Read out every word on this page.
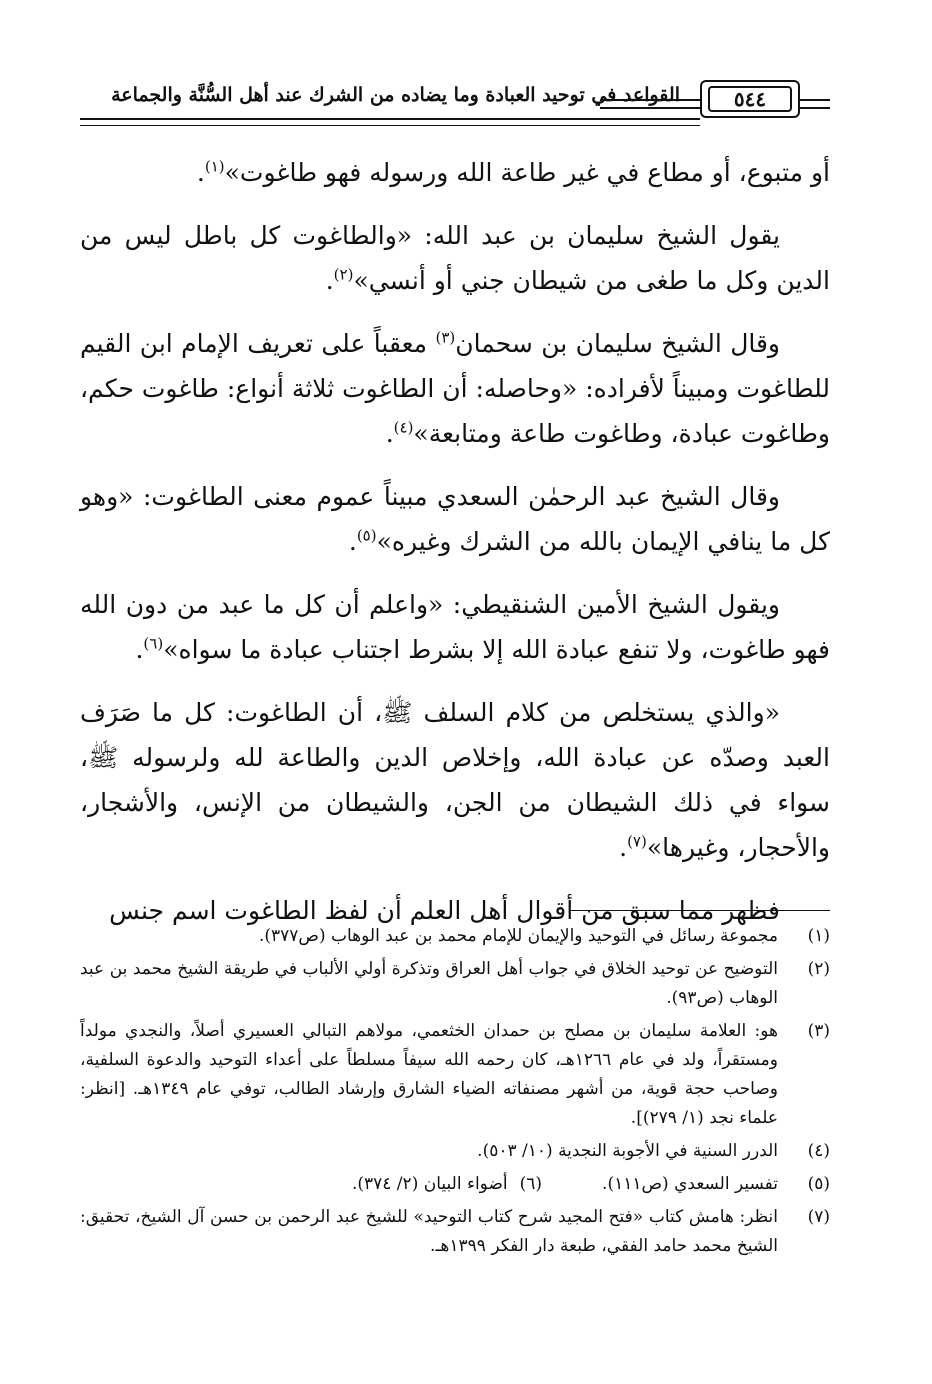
القواعد في توحيد العبادة وما يضاده من الشرك عند أهل السُّنَّة والجماعة	٥٤٤

أو متبوع، أو مطاع في غير طاعة الله ورسوله فهو طاغوت»$^{(١)}$.

يقول الشيخ سليمان بن عبد الله: «والطاغوت كل باطل ليس من الدين وكل ما طغى من شيطان جني أو أنسي»$^{(٢)}$.

وقال الشيخ سليمان بن سحمان$^{(٣)}$ معقباً على تعريف الإمام ابن القيم للطاغوت ومبيناً لأفراده: «وحاصله: أن الطاغوت ثلاثة أنواع: طاغوت حكم، وطاغوت عبادة، وطاغوت طاعة ومتابعة»$^{(٤)}$.

وقال الشيخ عبد الرحمٰن السعدي مبيناً عموم معنى الطاغوت: «وهو كل ما ينافي الإيمان بالله من الشرك وغيره»$^{(٥)}$.

ويقول الشيخ الأمين الشنقيطي: «واعلم أن كل ما عبد من دون الله فهو طاغوت، ولا تنفع عبادة الله إلا بشرط اجتناب عبادة ما سواه»$^{(٦)}$.

«والذي يستخلص من كلام السلف ﷺ، أن الطاغوت: كل ما صَرَف العبد وصدّه عن عبادة الله، وإخلاص الدين والطاعة لله ولرسوله ﷺ، سواء في ذلك الشيطان من الجن، والشيطان من الإنس، والأشجار، والأحجار، وغيرها»$^{(٧)}$.

فظهر مما سبق من أقوال أهل العلم أن لفظ الطاغوت اسم جنس

(١)
مجموعة رسائل في التوحيد والإيمان للإمام محمد بن عبد الوهاب (ص٣٧٧).
(٢)
التوضيح عن توحيد الخلاق في جواب أهل العراق وتذكرة أولي الألباب في طريقة الشيخ محمد بن عبد الوهاب (ص٩٣).
(٣)
هو: العلامة سليمان بن مصلح بن حمدان الخثعمي، مولاهم التبالي العسيري أصلاً، والنجدي مولداً ومستقراً، ولد في عام ١٢٦٦هـ، كان رحمه الله سيفاً مسلطاً على أعداء التوحيد والدعوة السلفية، وصاحب حجة قوية، من أشهر مصنفاته الضياء الشارق وإرشاد الطالب، توفي عام ١٣٤٩هـ. [انظر: علماء نجد (١/ ٢٧٩)].
(٤)
الدرر السنية في الأجوبة النجدية (١٠/ ٥٠٣).
(٥)
تفسير السعدي (ص١١١).(٦)أضواء البيان (٢/ ٣٧٤).
(٧)
انظر: هامش كتاب «فتح المجيد شرح كتاب التوحيد» للشيخ عبد الرحمن بن حسن آل الشيخ، تحقيق: الشيخ محمد حامد الفقي، طبعة دار الفكر ١٣٩٩هـ.
